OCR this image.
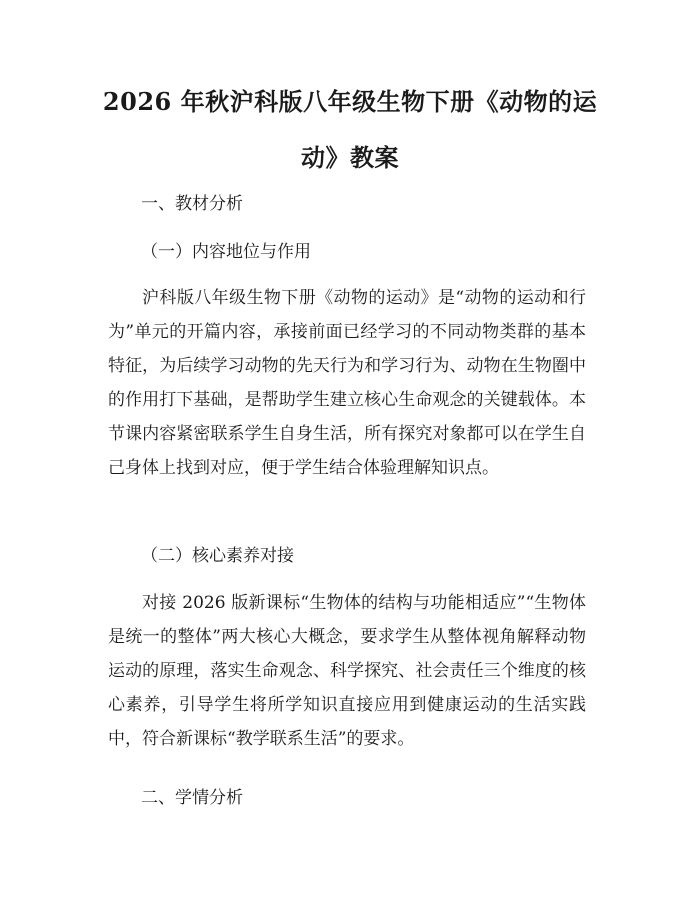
2026 年秋沪科版八年级生物下册《动物的运动》教案
一、教材分析
（一）内容地位与作用

沪科版八年级生物下册《动物的运动》是“动物的运动和行为”单元的开篇内容，承接前面已经学习的不同动物类群的基本特征，为后续学习动物的先天行为和学习行为、动物在生物圈中的作用打下基础，是帮助学生建立核心生命观念的关键载体。本节课内容紧密联系学生自身生活，所有探究对象都可以在学生自己身体上找到对应，便于学生结合体验理解知识点。

（二）核心素养对接

对接 2026 版新课标“生物体的结构与功能相适应”“生物体是统一的整体”两大核心大概念，要求学生从整体视角解释动物运动的原理，落实生命观念、科学探究、社会责任三个维度的核心素养，引导学生将所学知识直接应用到健康运动的生活实践中，符合新课标“教学联系生活”的要求。

二、学情分析
